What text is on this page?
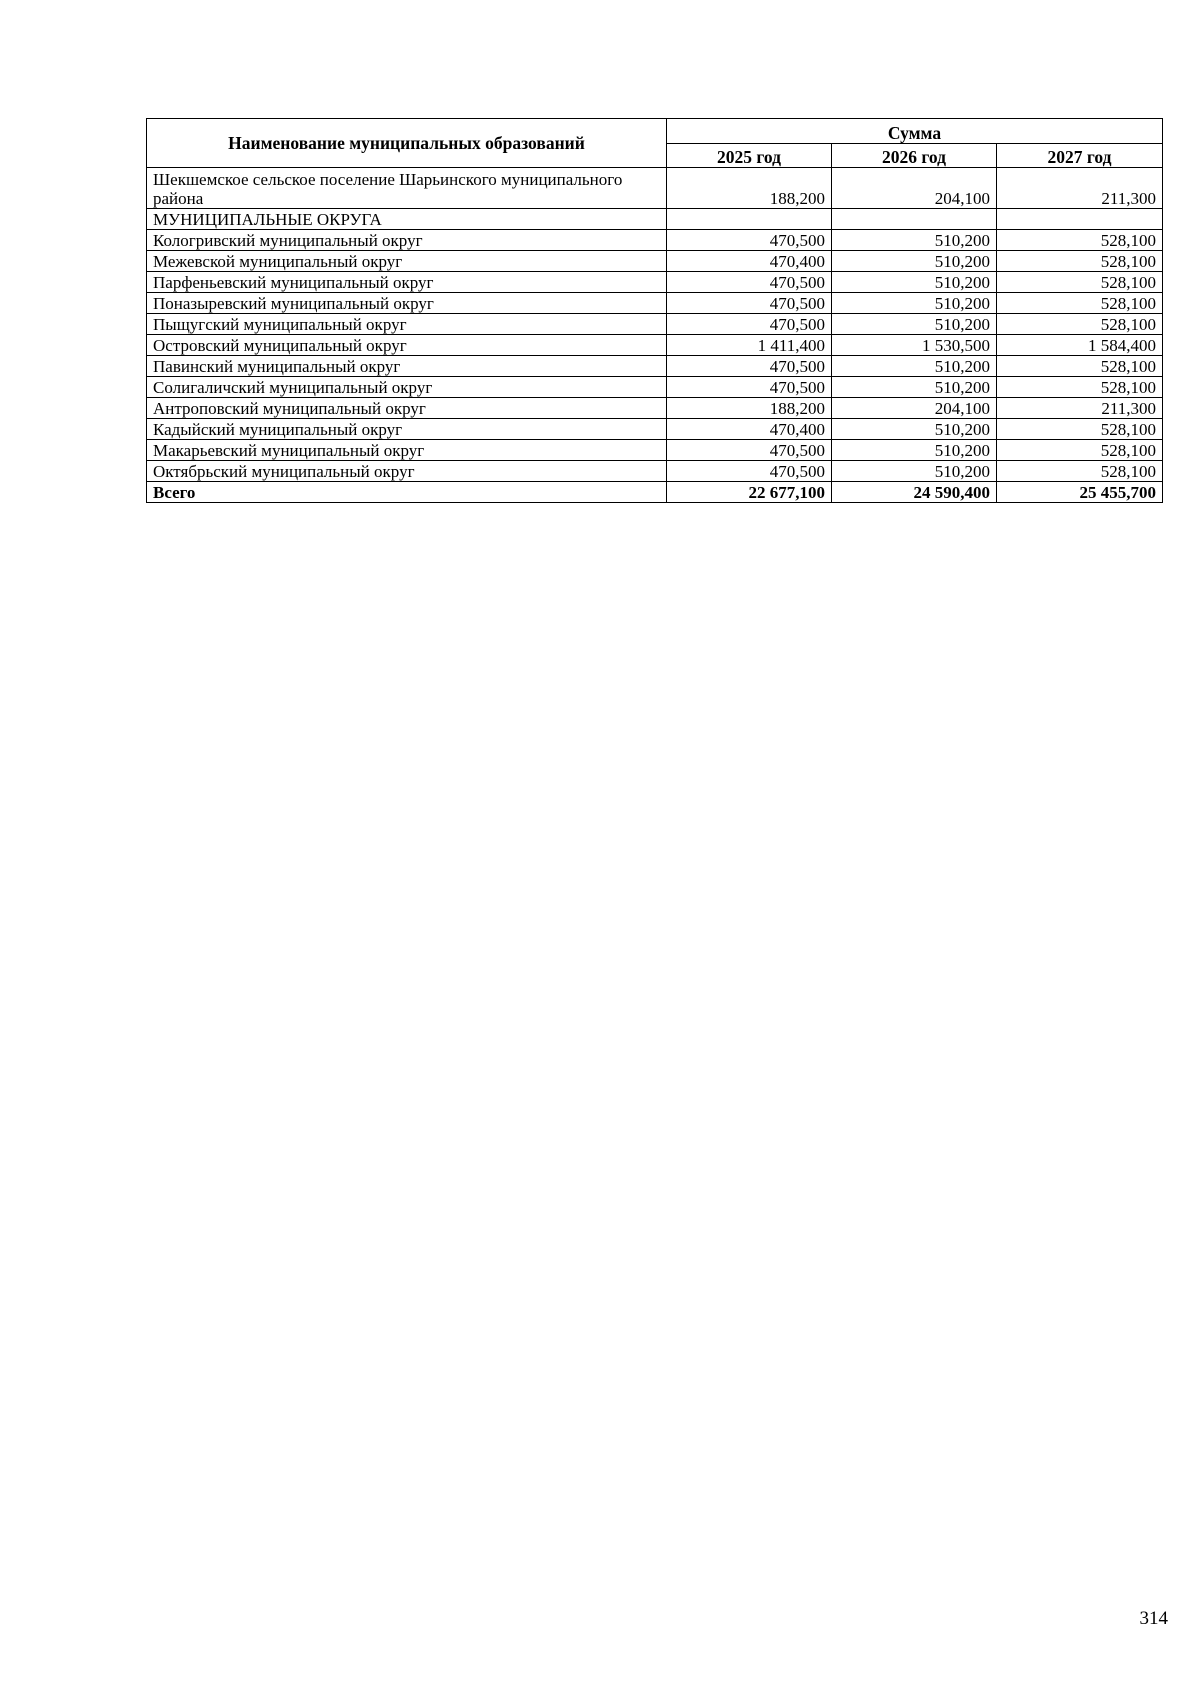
Наименование муниципальных образований	Сумма		
	2025 год	2026 год	2027 год
Шекшемское сельское поселение Шарьинского муниципального района	188,200	204,100	211,300
МУНИЦИПАЛЬНЫЕ ОКРУГА			
Кологривский муниципальный округ	470,500	510,200	528,100
Межевской муниципальный округ	470,400	510,200	528,100
Парфеньевский муниципальный округ	470,500	510,200	528,100
Поназыревский муниципальный округ	470,500	510,200	528,100
Пыщугский муниципальный округ	470,500	510,200	528,100
Островский муниципальный округ	1 411,400	1 530,500	1 584,400
Павинский муниципальный округ	470,500	510,200	528,100
Солигаличский муниципальный округ	470,500	510,200	528,100
Антроповский муниципальный округ	188,200	204,100	211,300
Кадыйский муниципальный округ	470,400	510,200	528,100
Макарьевский муниципальный округ	470,500	510,200	528,100
Октябрьский муниципальный округ	470,500	510,200	528,100
Всего	22 677,100	24 590,400	25 455,700
314
